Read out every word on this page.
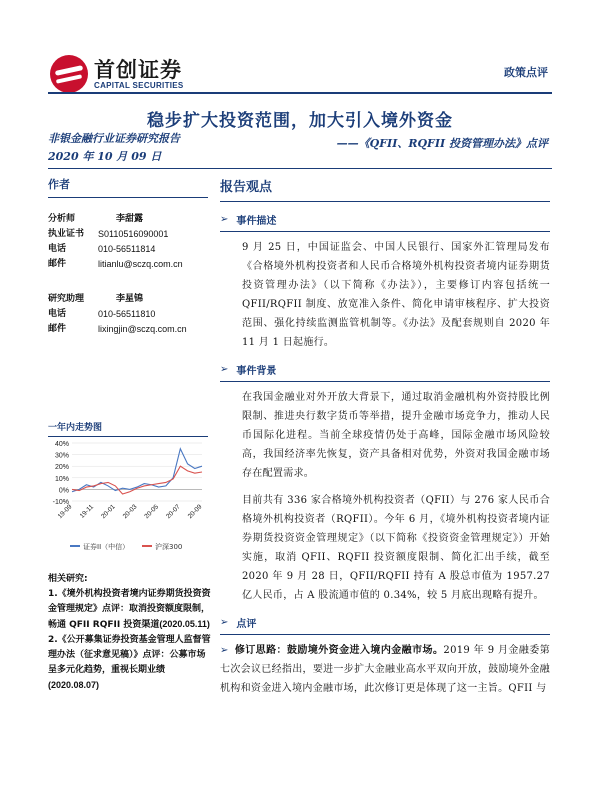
首创证券
CAPITAL SECURITIES
政策点评
稳步扩大投资范围，加大引入境外资金
非银金融行业证券研究报告	——《QFII、RQFII 投资管理办法》点评
2020 年 10 月 09 日
作者
分析师	李甜露
执业证书	S0110516090001
电话	010-56511814
邮件	litianlu@sczq.com.cn
研究助理	李星锦
电话	010-56511810
邮件	lixingjin@sczq.com.cn
一年内走势图
40%
30%
20%
10%
0%
-10%
19-09 19-11 20-01 20-03 20-05 20-07 20-09
证券II（中信）	沪深300
相关研究:
1.《境外机构投资者境内证券期货投资资金管理规定》点评：取消投资额度限制，畅通 QFII RQFII 投资渠道(2020.05.11)
2.《公开募集证券投资基金管理人监督管理办法（征求意见稿）》点评：公募市场呈多元化趋势，重视长期业绩(2020.08.07)
报告观点
➢ 事件描述
9 月 25 日，中国证监会、中国人民银行、国家外汇管理局发布《合格境外机构投资者和人民币合格境外机构投资者境内证券期货投资管理办法》（以下简称《办法》），主要修订内容包括统一 QFII/RQFII 制度、放宽准入条件、简化申请审核程序、扩大投资范围、强化持续监测监管机制等。《办法》及配套规则自 2020 年 11 月 1 日起施行。
➢ 事件背景
在我国金融业对外开放大背景下，通过取消金融机构外资持股比例限制、推进央行数字货币等举措，提升金融市场竞争力，推动人民币国际化进程。当前全球疫情仍处于高峰，国际金融市场风险较高，我国经济率先恢复，资产具备相对优势，外资对我国金融市场存在配置需求。
目前共有 336 家合格境外机构投资者（QFII）与 276 家人民币合格境外机构投资者（RQFII）。今年 6 月，《境外机构投资者境内证券期货投资资金管理规定》（以下简称《投资资金管理规定》）开始实施，取消 QFII、RQFII 投资额度限制、简化汇出手续，截至 2020 年 9 月 28 日，QFII/RQFII 持有 A 股总市值为 1957.27 亿人民币，占 A 股流通市值的 0.34%，较 5 月底出现略有提升。
➢ 点评
➢ 修订思路：鼓励境外资金进入境内金融市场。2019 年 9 月金融委第七次会议已经指出，要进一步扩大金融业高水平双向开放，鼓励境外金融机构和资金进入境内金融市场，此次修订更是体现了这一主旨。QFII 与
